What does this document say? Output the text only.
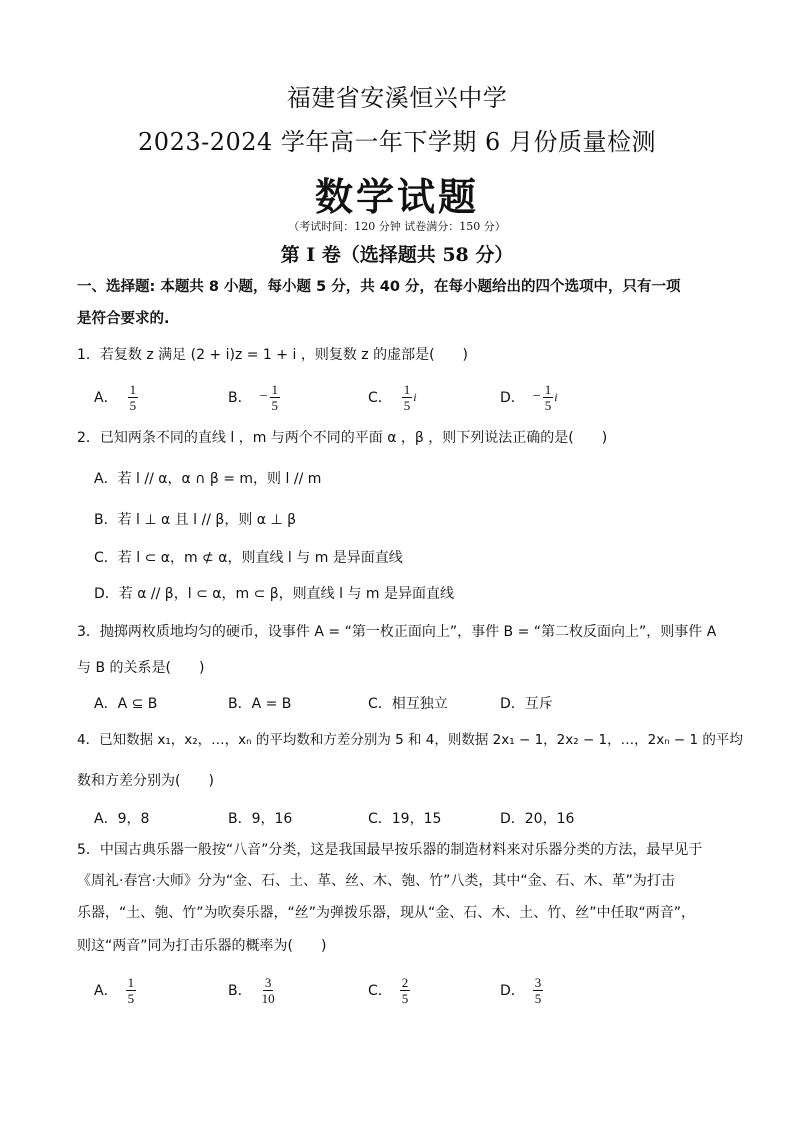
福建省安溪恒兴中学
2023-2024 学年高一年下学期 6 月份质量检测
数学试题
（考试时间：120 分钟 试卷满分：150 分）
第 I 卷（选择题共 58 分）
一、选择题: 本题共 8 小题，每小题 5 分，共 40 分，在每小题给出的四个选项中，只有一项
是符合要求的.
1．若复数 z 满足 (2 + i)z = 1 + i ，则复数 z 的虚部是(　　)
A． $\frac{1}{5}$	B． − $\frac{1}{5}$	C． $\frac{1}{5}$ i	D． − $\frac{1}{5}$ i
2．已知两条不同的直线 l ，m 与两个不同的平面 α ，β ，则下列说法正确的是(　　)
A．若 l // α，α ∩ β = m，则 l // m
B．若 l ⊥ α 且 l // β，则 α ⊥ β
C．若 l ⊂ α，m ⊄ α，则直线 l 与 m 是异面直线
D．若 α // β，l ⊂ α，m ⊂ β，则直线 l 与 m 是异面直线
3．抛掷两枚质地均匀的硬币，设事件 A = “第一枚正面向上”，事件 B = “第二枚反面向上”，则事件 A
与 B 的关系是(　　)
A．A ⊆ B	B．A = B	C．相互独立	D．互斥
4．已知数据 x₁，x₂，…，xₙ 的平均数和方差分别为 5 和 4，则数据 2x₁ − 1，2x₂ − 1，…，2xₙ − 1 的平均
数和方差分别为(　　)
A．9，8	B．9，16	C．19，15	D．20，16
5．中国古典乐器一般按“八音”分类，这是我国最早按乐器的制造材料来对乐器分类的方法，最早见于
《周礼·春宫·大师》分为“金、石、土、革、丝、木、匏、竹”八类，其中“金、石、木、革”为打击
乐器，“土、匏、竹”为吹奏乐器，“丝”为弹拨乐器，现从“金、石、木、土、竹、丝”中任取“两音”，
则这“两音”同为打击乐器的概率为(　　)
A． $\frac{1}{5}$	B． $\frac{3}{10}$	C． $\frac{2}{5}$	D． $\frac{3}{5}$
